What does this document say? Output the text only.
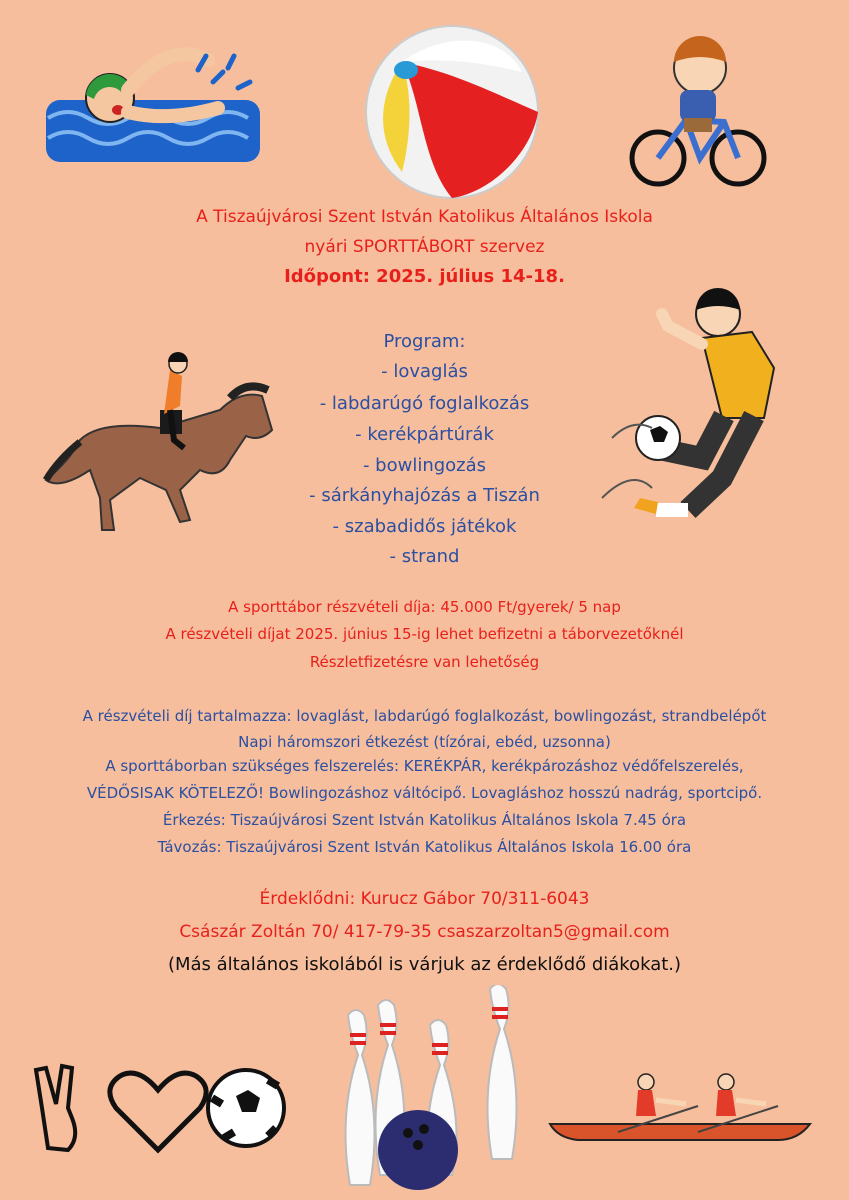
A Tiszaújvárosi Szent István Katolikus Általános Iskola
nyári SPORTTÁBORT szervez
Időpont: 2025. július 14-18.
Program:
- lovaglás
- labdarúgó foglalkozás
- kerékpártúrák
- bowlingozás
- sárkányhajózás a Tiszán
- szabadidős játékok
- strand
A sporttábor részvételi díja: 45.000 Ft/gyerek/ 5 nap
A részvételi díjat 2025. június 15-ig lehet befizetni a táborvezetőknél
Részletfizetésre van lehetőség
A részvételi díj tartalmazza: lovaglást, labdarúgó foglalkozást, bowlingozást, strandbelépőt
Napi háromszori étkezést (tízórai, ebéd, uzsonna)
A sporttáborban szükséges felszerelés: KERÉKPÁR, kerékpározáshoz védőfelszerelés,
VÉDŐSISAK KÖTELEZŐ! Bowlingozáshoz váltócipő. Lovagláshoz hosszú nadrág, sportcipő.
Érkezés: Tiszaújvárosi Szent István Katolikus Általános Iskola 7.45 óra
Távozás: Tiszaújvárosi Szent István Katolikus Általános Iskola 16.00 óra
Érdeklődni: Kurucz Gábor 70/311-6043
Császár Zoltán 70/ 417-79-35 csaszarzoltan5@gmail.com
(Más általános iskolából is várjuk az érdeklődő diákokat.)
